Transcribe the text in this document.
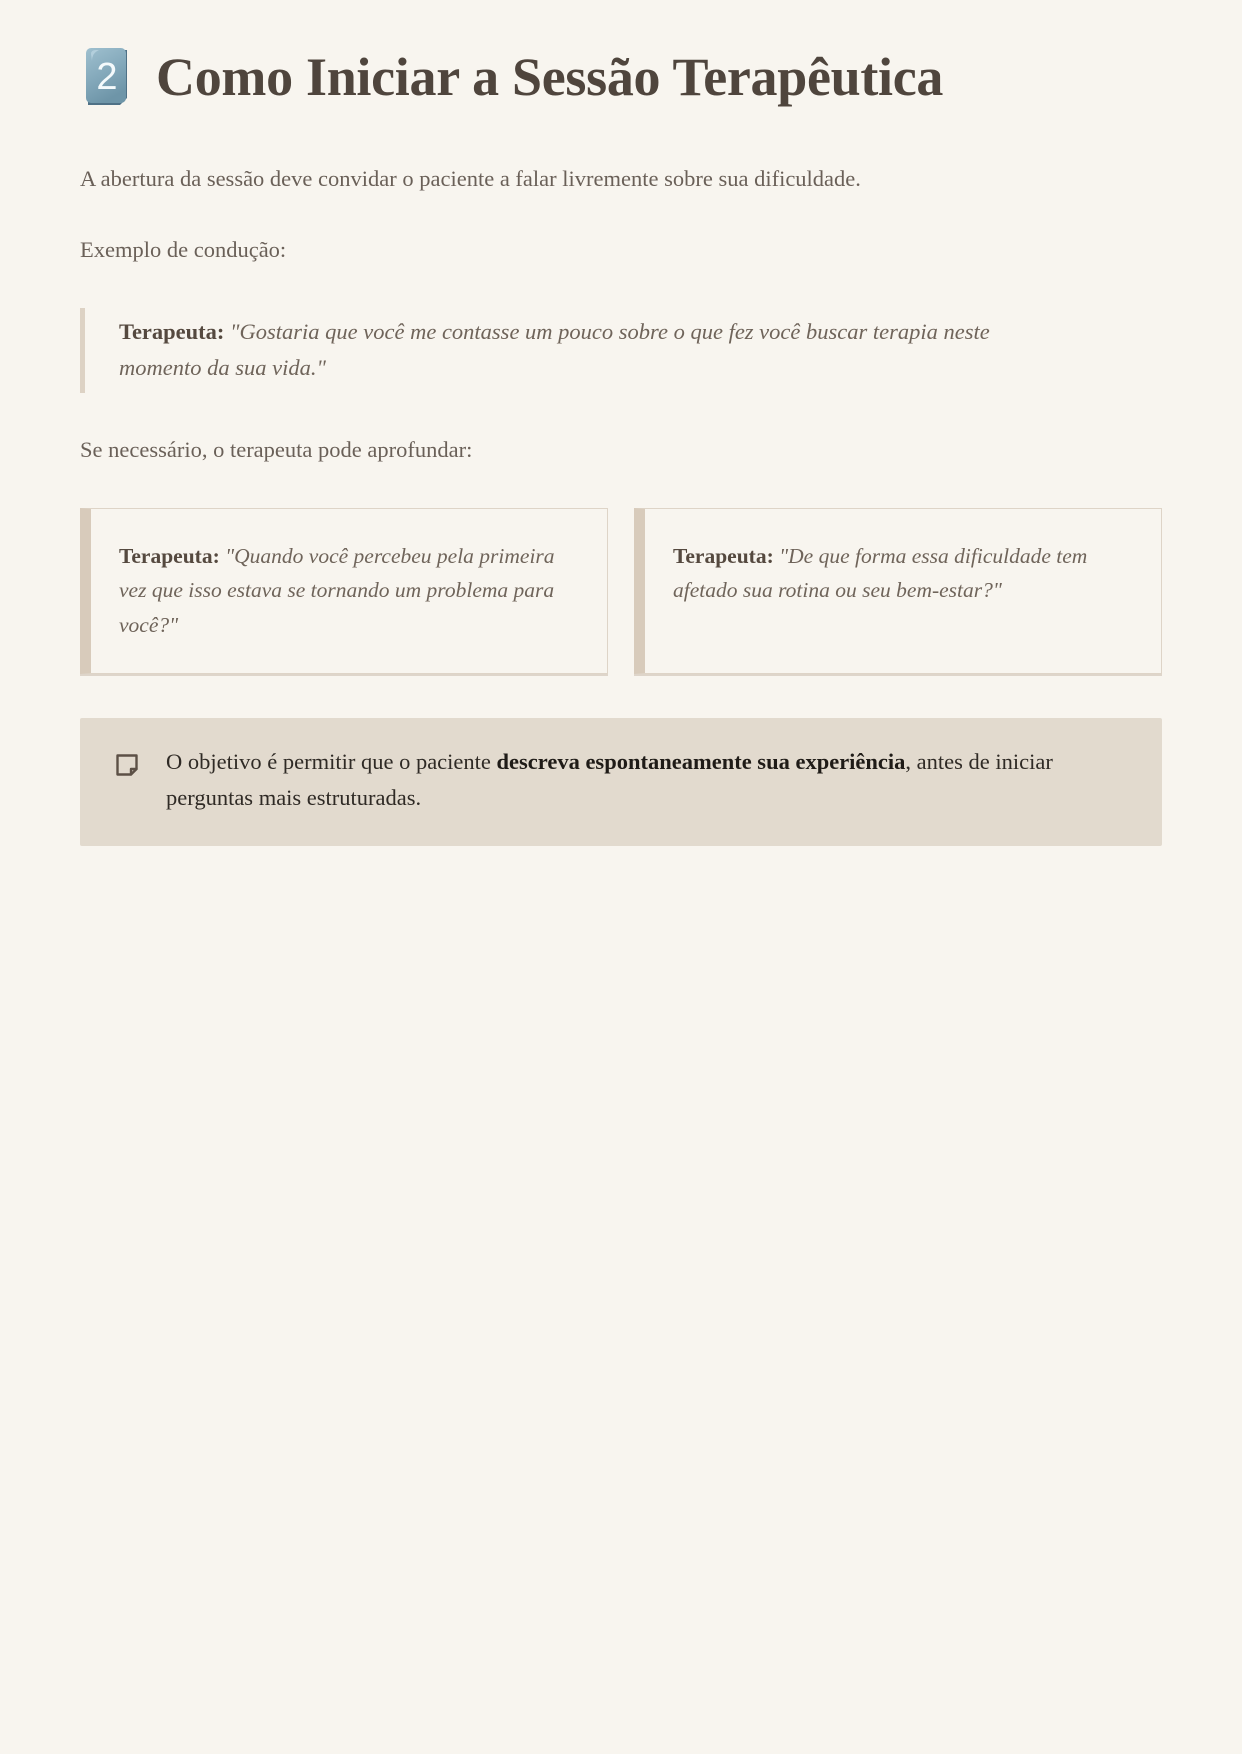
2 Como Iniciar a Sessão Terapêutica

A abertura da sessão deve convidar o paciente a falar livremente sobre sua dificuldade.

Exemplo de condução:

Terapeuta: "Gostaria que você me contasse um pouco sobre o que fez você buscar terapia neste momento da sua vida."

Se necessário, o terapeuta pode aprofundar:

Terapeuta: "Quando você percebeu pela primeira vez que isso estava se tornando um problema para você?"

Terapeuta: "De que forma essa dificuldade tem afetado sua rotina ou seu bem-estar?"

O objetivo é permitir que o paciente descreva espontaneamente sua experiência, antes de iniciar perguntas mais estruturadas.
